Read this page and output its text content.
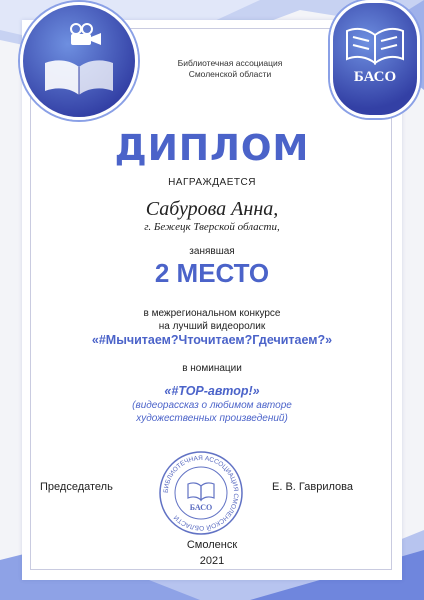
БАСО
Библиотечная ассоциация
Смоленской области
ДИПЛОМ
НАГРАЖДАЕТСЯ
Сабурова Анна,
г. Бежецк Тверской области,
занявшая
2 МЕСТО
в межрегиональном конкурсе
на лучший видеоролик
«#Мычитаем?Чточитаем?Гдечитаем?»
в номинации
«#TOP-автор!»
(видеорассказ о любимом авторе
художественных произведений)
Председатель	Е. В. Гаврилова
БИБЛИОТЕЧНАЯ АССОЦИАЦИЯ СМОЛЕНСКОЙ ОБЛАСТИ
БАСО
Смоленск
2021
